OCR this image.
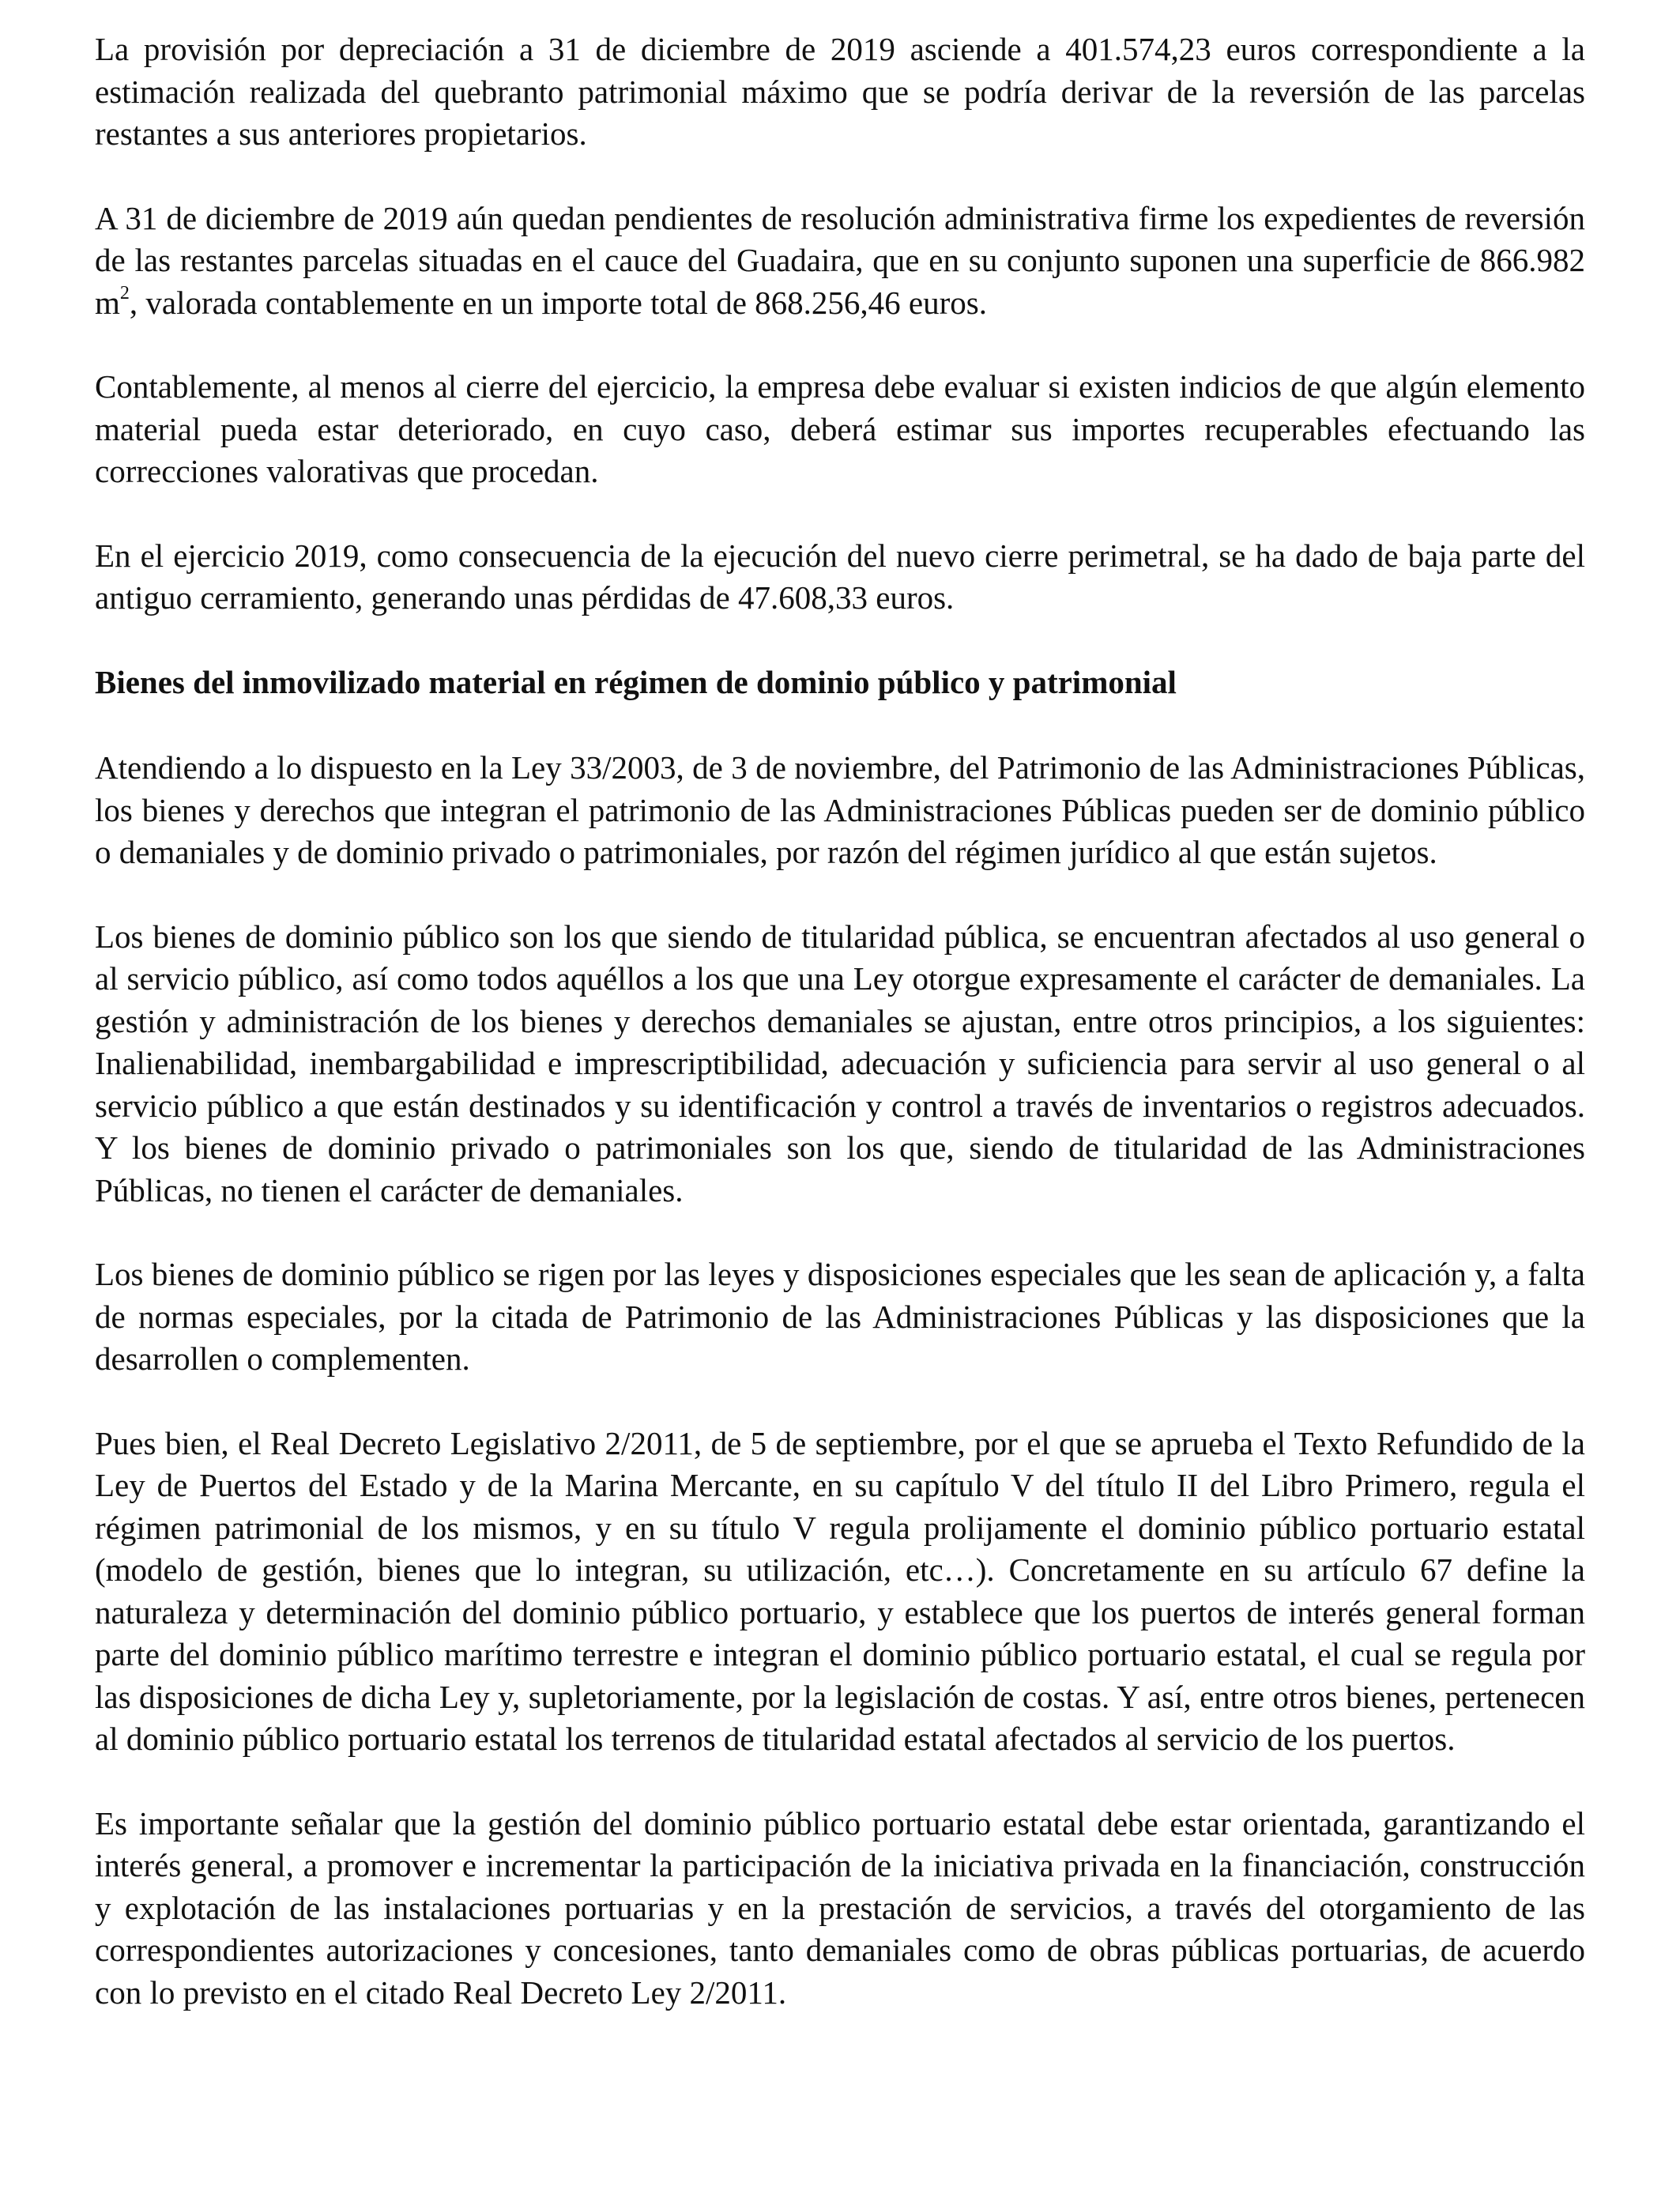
La provisión por depreciación a 31 de diciembre de 2019 asciende a 401.574,23 euros correspondiente a la estimación realizada del quebranto patrimonial máximo que se podría derivar de la reversión de las parcelas restantes a sus anteriores propietarios.

A 31 de diciembre de 2019 aún quedan pendientes de resolución administrativa firme los expedientes de reversión de las restantes parcelas situadas en el cauce del Guadaira, que en su conjunto suponen una superficie de 866.982 $m^2$, valorada contablemente en un importe total de 868.256,46 euros.

Contablemente, al menos al cierre del ejercicio, la empresa debe evaluar si existen indicios de que algún elemento material pueda estar deteriorado, en cuyo caso, deberá estimar sus importes recuperables efectuando las correcciones valorativas que procedan.

En el ejercicio 2019, como consecuencia de la ejecución del nuevo cierre perimetral, se ha dado de baja parte del antiguo cerramiento, generando unas pérdidas de 47.608,33 euros.

Bienes del inmovilizado material en régimen de dominio público y patrimonial

Atendiendo a lo dispuesto en la Ley 33/2003, de 3 de noviembre, del Patrimonio de las Administraciones Públicas, los bienes y derechos que integran el patrimonio de las Administraciones Públicas pueden ser de dominio público o demaniales y de dominio privado o patrimoniales, por razón del régimen jurídico al que están sujetos.

Los bienes de dominio público son los que siendo de titularidad pública, se encuentran afectados al uso general o al servicio público, así como todos aquéllos a los que una Ley otorgue expresamente el carácter de demaniales. La gestión y administración de los bienes y derechos demaniales se ajustan, entre otros principios, a los siguientes: Inalienabilidad, inembargabilidad e imprescriptibilidad, adecuación y suficiencia para servir al uso general o al servicio público a que están destinados y su identificación y control a través de inventarios o registros adecuados. Y los bienes de dominio privado o patrimoniales son los que, siendo de titularidad de las Administraciones Públicas, no tienen el carácter de demaniales.

Los bienes de dominio público se rigen por las leyes y disposiciones especiales que les sean de aplicación y, a falta de normas especiales, por la citada de Patrimonio de las Administraciones Públicas y las disposiciones que la desarrollen o complementen.

Pues bien, el Real Decreto Legislativo 2/2011, de 5 de septiembre, por el que se aprueba el Texto Refundido de la Ley de Puertos del Estado y de la Marina Mercante, en su capítulo V del título II del Libro Primero, regula el régimen patrimonial de los mismos, y en su título V regula prolijamente el dominio público portuario estatal (modelo de gestión, bienes que lo integran, su utilización, etc…). Concretamente en su artículo 67 define la naturaleza y determinación del dominio público portuario, y establece que los puertos de interés general forman parte del dominio público marítimo terrestre e integran el dominio público portuario estatal, el cual se regula por las disposiciones de dicha Ley y, supletoriamente, por la legislación de costas. Y así, entre otros bienes, pertenecen al dominio público portuario estatal los terrenos de titularidad estatal afectados al servicio de los puertos.

Es importante señalar que la gestión del dominio público portuario estatal debe estar orientada, garantizando el interés general, a promover e incrementar la participación de la iniciativa privada en la financiación, construcción y explotación de las instalaciones portuarias y en la prestación de servicios, a través del otorgamiento de las correspondientes autorizaciones y concesiones, tanto demaniales como de obras públicas portuarias, de acuerdo con lo previsto en el citado Real Decreto Ley 2/2011.
